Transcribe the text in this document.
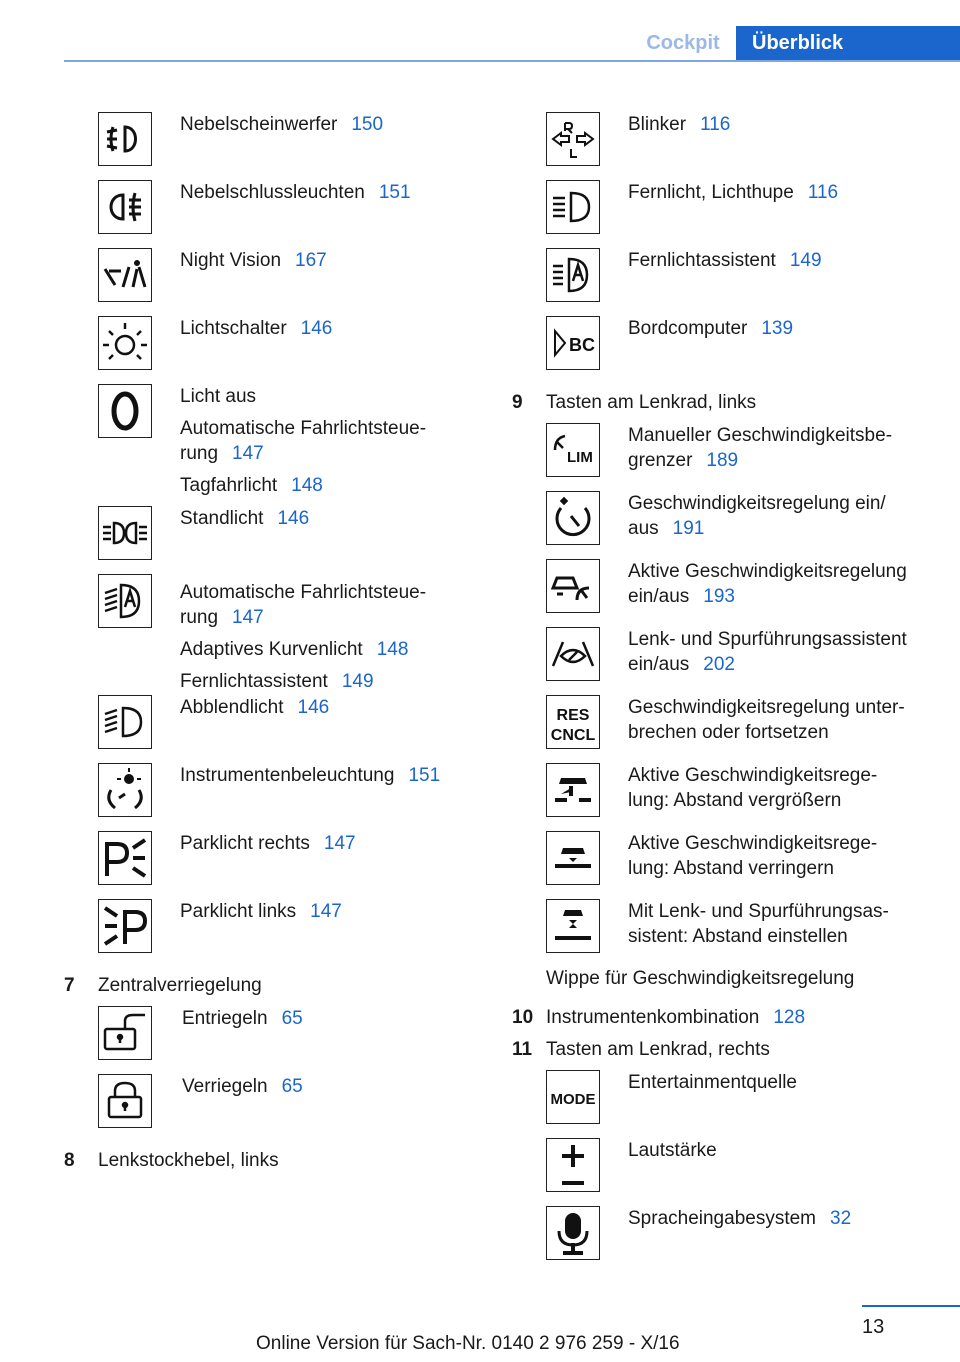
Cockpit	Überblick
Nebelscheinwerfer 150
Nebelschlussleuchten 151
Night Vision 167
Lichtschalter 146

Licht aus

Automatische Fahrlichtsteue-

rung 147

Tagfahrlicht 148

Standlicht 146

Automatische Fahrlichtsteue-

rung 147

Adaptives Kurvenlicht 148

Fernlichtassistent 149

Abblendlicht 146
Instrumentenbeleuchtung 151
Parklicht rechts 147
Parklicht links 147
7 Zentralverriegelung
Entriegeln 65
Verriegeln 65
8 Lenkstockhebel, links
Blinker 116
Fernlicht, Lichthupe 116
Fernlichtassistent 149
BC
Bordcomputer 139
9 Tasten am Lenkrad, links
LIM

Manueller Geschwindigkeitsbe-

grenzer 189

Geschwindigkeitsregelung ein/

aus 191

Aktive Geschwindigkeitsregelung

ein/aus 193

Lenk- und Spurführungsassistent

ein/aus 202
RES
CNCL

Geschwindigkeitsregelung unter-

brechen oder fortsetzen

Aktive Geschwindigkeitsrege-

lung: Abstand vergrößern

Aktive Geschwindigkeitsrege-

lung: Abstand verringern

Mit Lenk- und Spurführungsas-

sistent: Abstand einstellen

Wippe für Geschwindigkeitsregelung
10 Instrumentenkombination 128
11 Tasten am Lenkrad, rechts
MODE
Entertainmentquelle
Lautstärke
Spracheingabesystem 32
13
Online Version für Sach-Nr. 0140 2 976 259 - X/16
